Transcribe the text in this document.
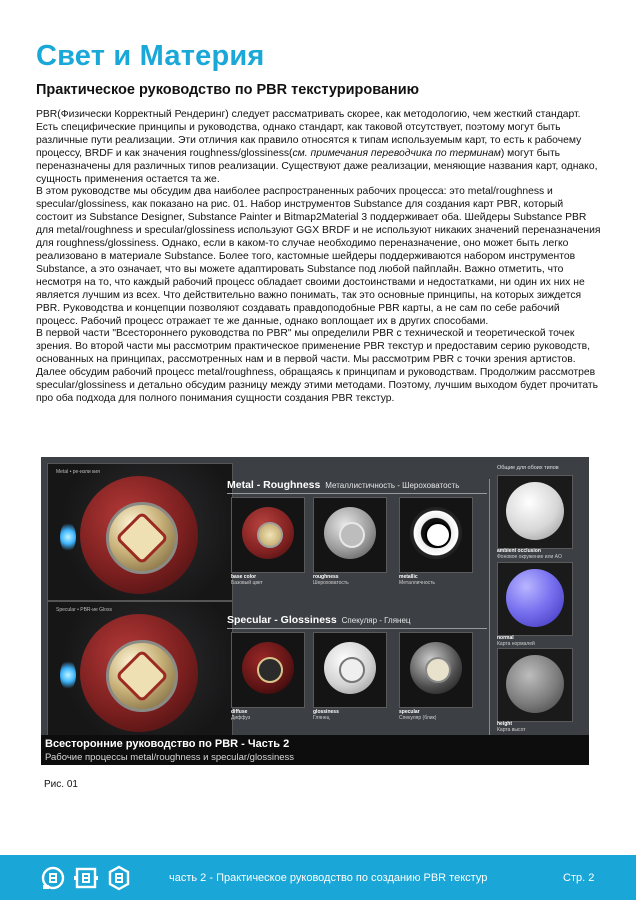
Свет и Материя
Практическое руководство по PBR текстурированию

PBR(Физически Корректный Рендеринг) следует рассматривать скорее, как методологию, чем жесткий стандарт. Есть специфические принципы и руководства, однако стандарт, как таковой отсутствует, поэтому могут быть различные пути реализации. Эти отличия как правило относятся к типам используемым карт, то есть к рабочему процессу, BRDF и как значения roughness/glossiness(см. примечания переводчика по терминам) могут быть переназначены для различных типов реализации. Существуют даже реализации, меняющие названия карт, однако, сущность применения остается та же.

В этом руководстве мы обсудим два наиболее распространенных рабочих процесса: это metal/roughness и specular/glossiness, как показано на рис. 01. Набор инструментов Substance для создания карт PBR, который состоит из Substance Designer, Substance Painter и Bitmap2Material 3 поддерживает оба. Шейдеры Substance PBR для metal/roughness и specular/glossiness используют GGX BRDF и не используют никаких значений переназначения для roughness/glossiness. Однако, если в каком-то случае необходимо переназначение, оно может быть легко реализовано в материале Substance. Более того, кастомные шейдеры поддерживаются набором инструментов Substance, а это означает, что вы можете адаптировать Substance под любой пайплайн. Важно отметить, что несмотря на то, что каждый рабочий процесс обладает своими достоинствами и недостатками, ни один их них не является лучшим из всех. Что действительно важно понимать, так это основные принципы, на которых зиждется PBR. Руководства и концепции позволяют создавать правдоподобные PBR карты, а не сам по себе рабочий процесс. Рабочий процесс отражает те же данные, однако воплощает их в других способами.

В первой части "Всестороннего руководства по PBR" мы определили PBR с технической и теоретической точек зрения. Во второй части мы рассмотрим практическое применение PBR текстур и предоставим серию руководств, основанных на принципах, рассмотренных нам и в первой части. Мы рассмотрим PBR с точки зрения артистов. Далее обсудим рабочий процесс metal/roughness, обращаясь к принципам и руководствам. Продолжим рассмотрев specular/glossiness и детально обсудим разницу между этими методами. Поэтому, лучшим выходом будет прочитать про оба подхода для полного понимания сущности создания PBR текстур.

Metal • ре-изли кия
Specular • PBR-ие Gloss
Metal - Roughness Металлистичность - Шероховатость
base color
Базовый цвет
roughness
Шероховатость
metallic
Металличность
Specular - Glossiness Спекуляр - Глянец
diffuse
Диффуз
glossiness
Глянец
specular
Спекуляр (блик)
Общие для обоих типов
ambient occlusion
Фоновое окружение или AO
normal
Карта нормалей
height
Карта высот
Всесторонние руководство по PBR - Часть 2
Рабочие процессы metal/roughness и specular/glossiness
Рис. 01
часть 2 - Практическое руководство по созданию PBR текстур	Стр. 2
